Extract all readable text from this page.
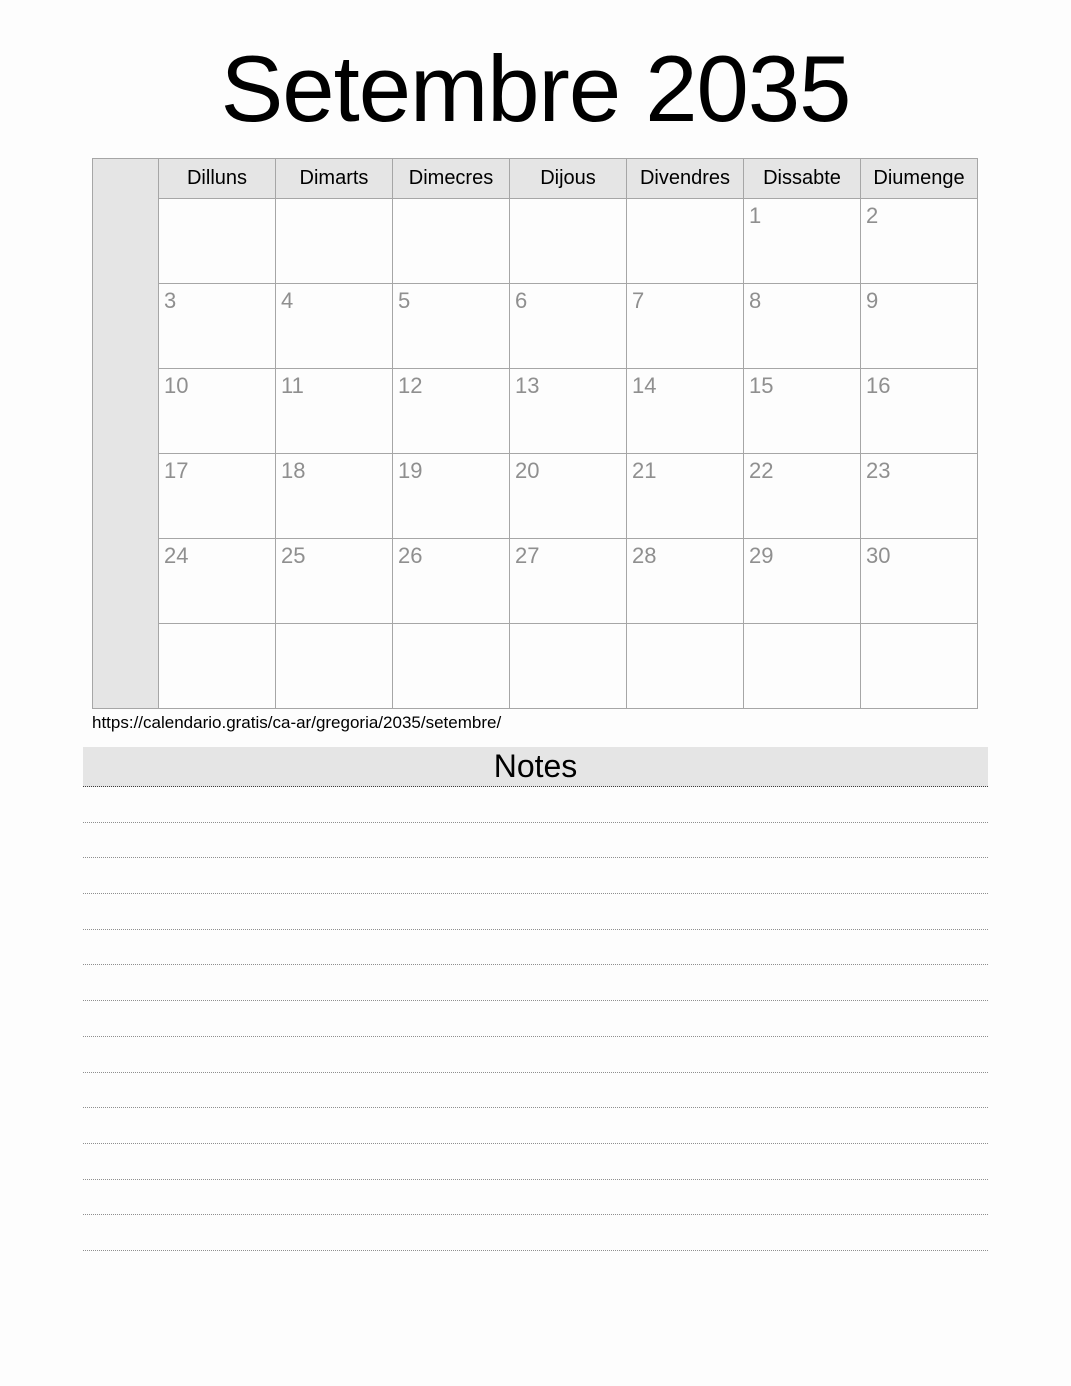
Setembre 2035
	Dilluns	Dimarts	Dimecres	Dijous	Divendres	Dissabte	Diumenge
						1	2
	3	4	5	6	7	8	9
	10	11	12	13	14	15	16
	17	18	19	20	21	22	23
	24	25	26	27	28	29	30

https://calendario.gratis/ca-ar/gregoria/2035/setembre/
Notes
